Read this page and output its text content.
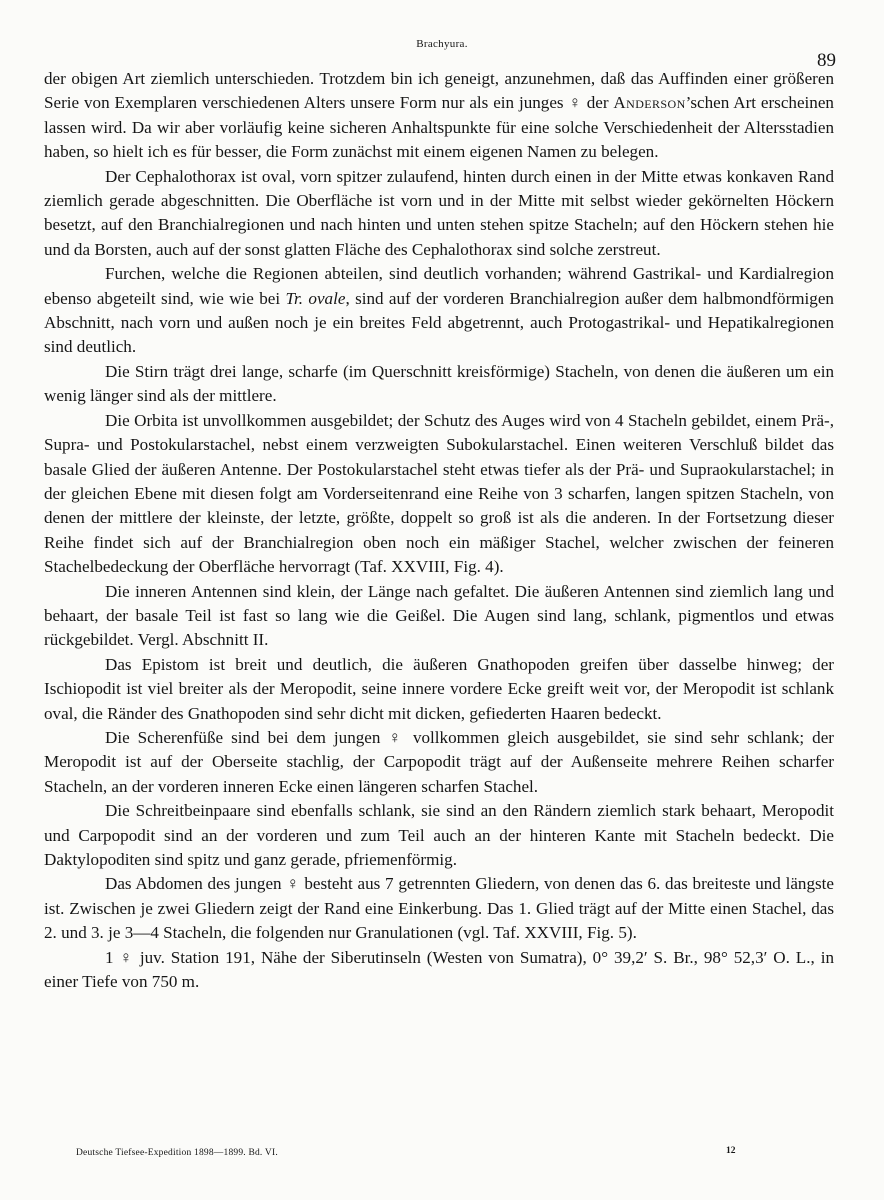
Brachyura.
89

der obigen Art ziemlich unterschieden. Trotzdem bin ich geneigt, anzunehmen, daß das Auffinden einer größeren Serie von Exemplaren verschiedenen Alters unsere Form nur als ein junges ♀ der Anderson’schen Art erscheinen lassen wird. Da wir aber vorläufig keine sicheren Anhaltspunkte für eine solche Verschiedenheit der Altersstadien haben, so hielt ich es für besser, die Form zunächst mit einem eigenen Namen zu belegen.

Der Cephalothorax ist oval, vorn spitzer zulaufend, hinten durch einen in der Mitte etwas konkaven Rand ziemlich gerade abgeschnitten. Die Oberfläche ist vorn und in der Mitte mit selbst wieder gekörnelten Höckern besetzt, auf den Branchialregionen und nach hinten und unten stehen spitze Stacheln; auf den Höckern stehen hie und da Borsten, auch auf der sonst glatten Fläche des Cephalothorax sind solche zerstreut.

Furchen, welche die Regionen abteilen, sind deutlich vorhanden; während Gastrikal- und Kardialregion ebenso abgeteilt sind, wie wie bei Tr. ovale, sind auf der vorderen Branchialregion außer dem halbmondförmigen Abschnitt, nach vorn und außen noch je ein breites Feld abgetrennt, auch Protogastrikal- und Hepatikalregionen sind deutlich.

Die Stirn trägt drei lange, scharfe (im Querschnitt kreisförmige) Stacheln, von denen die äußeren um ein wenig länger sind als der mittlere.

Die Orbita ist unvollkommen ausgebildet; der Schutz des Auges wird von 4 Stacheln gebildet, einem Prä-, Supra- und Postokularstachel, nebst einem verzweigten Subokularstachel. Einen weiteren Verschluß bildet das basale Glied der äußeren Antenne. Der Postokularstachel steht etwas tiefer als der Prä- und Supraokularstachel; in der gleichen Ebene mit diesen folgt am Vorderseitenrand eine Reihe von 3 scharfen, langen spitzen Stacheln, von denen der mittlere der kleinste, der letzte, größte, doppelt so groß ist als die anderen. In der Fortsetzung dieser Reihe findet sich auf der Branchialregion oben noch ein mäßiger Stachel, welcher zwischen der feineren Stachelbedeckung der Oberfläche hervorragt (Taf. XXVIII, Fig. 4).

Die inneren Antennen sind klein, der Länge nach gefaltet. Die äußeren Antennen sind ziemlich lang und behaart, der basale Teil ist fast so lang wie die Geißel. Die Augen sind lang, schlank, pigmentlos und etwas rückgebildet. Vergl. Abschnitt II.

Das Epistom ist breit und deutlich, die äußeren Gnathopoden greifen über dasselbe hinweg; der Ischiopodit ist viel breiter als der Meropodit, seine innere vordere Ecke greift weit vor, der Meropodit ist schlank oval, die Ränder des Gnathopoden sind sehr dicht mit dicken, gefiederten Haaren bedeckt.

Die Scherenfüße sind bei dem jungen ♀ vollkommen gleich ausgebildet, sie sind sehr schlank; der Meropodit ist auf der Oberseite stachlig, der Carpopodit trägt auf der Außenseite mehrere Reihen scharfer Stacheln, an der vorderen inneren Ecke einen längeren scharfen Stachel.

Die Schreitbeinpaare sind ebenfalls schlank, sie sind an den Rändern ziemlich stark behaart, Meropodit und Carpopodit sind an der vorderen und zum Teil auch an der hinteren Kante mit Stacheln bedeckt. Die Daktylopoditen sind spitz und ganz gerade, pfriemenförmig.

Das Abdomen des jungen ♀ besteht aus 7 getrennten Gliedern, von denen das 6. das breiteste und längste ist. Zwischen je zwei Gliedern zeigt der Rand eine Einkerbung. Das 1. Glied trägt auf der Mitte einen Stachel, das 2. und 3. je 3—4 Stacheln, die folgenden nur Granulationen (vgl. Taf. XXVIII, Fig. 5).

1 ♀ juv. Station 191, Nähe der Siberutinseln (Westen von Sumatra), 0° 39,2′ S. Br., 98° 52,3′ O. L., in einer Tiefe von 750 m.

Deutsche Tiefsee-Expedition 1898—1899. Bd. VI.	12
